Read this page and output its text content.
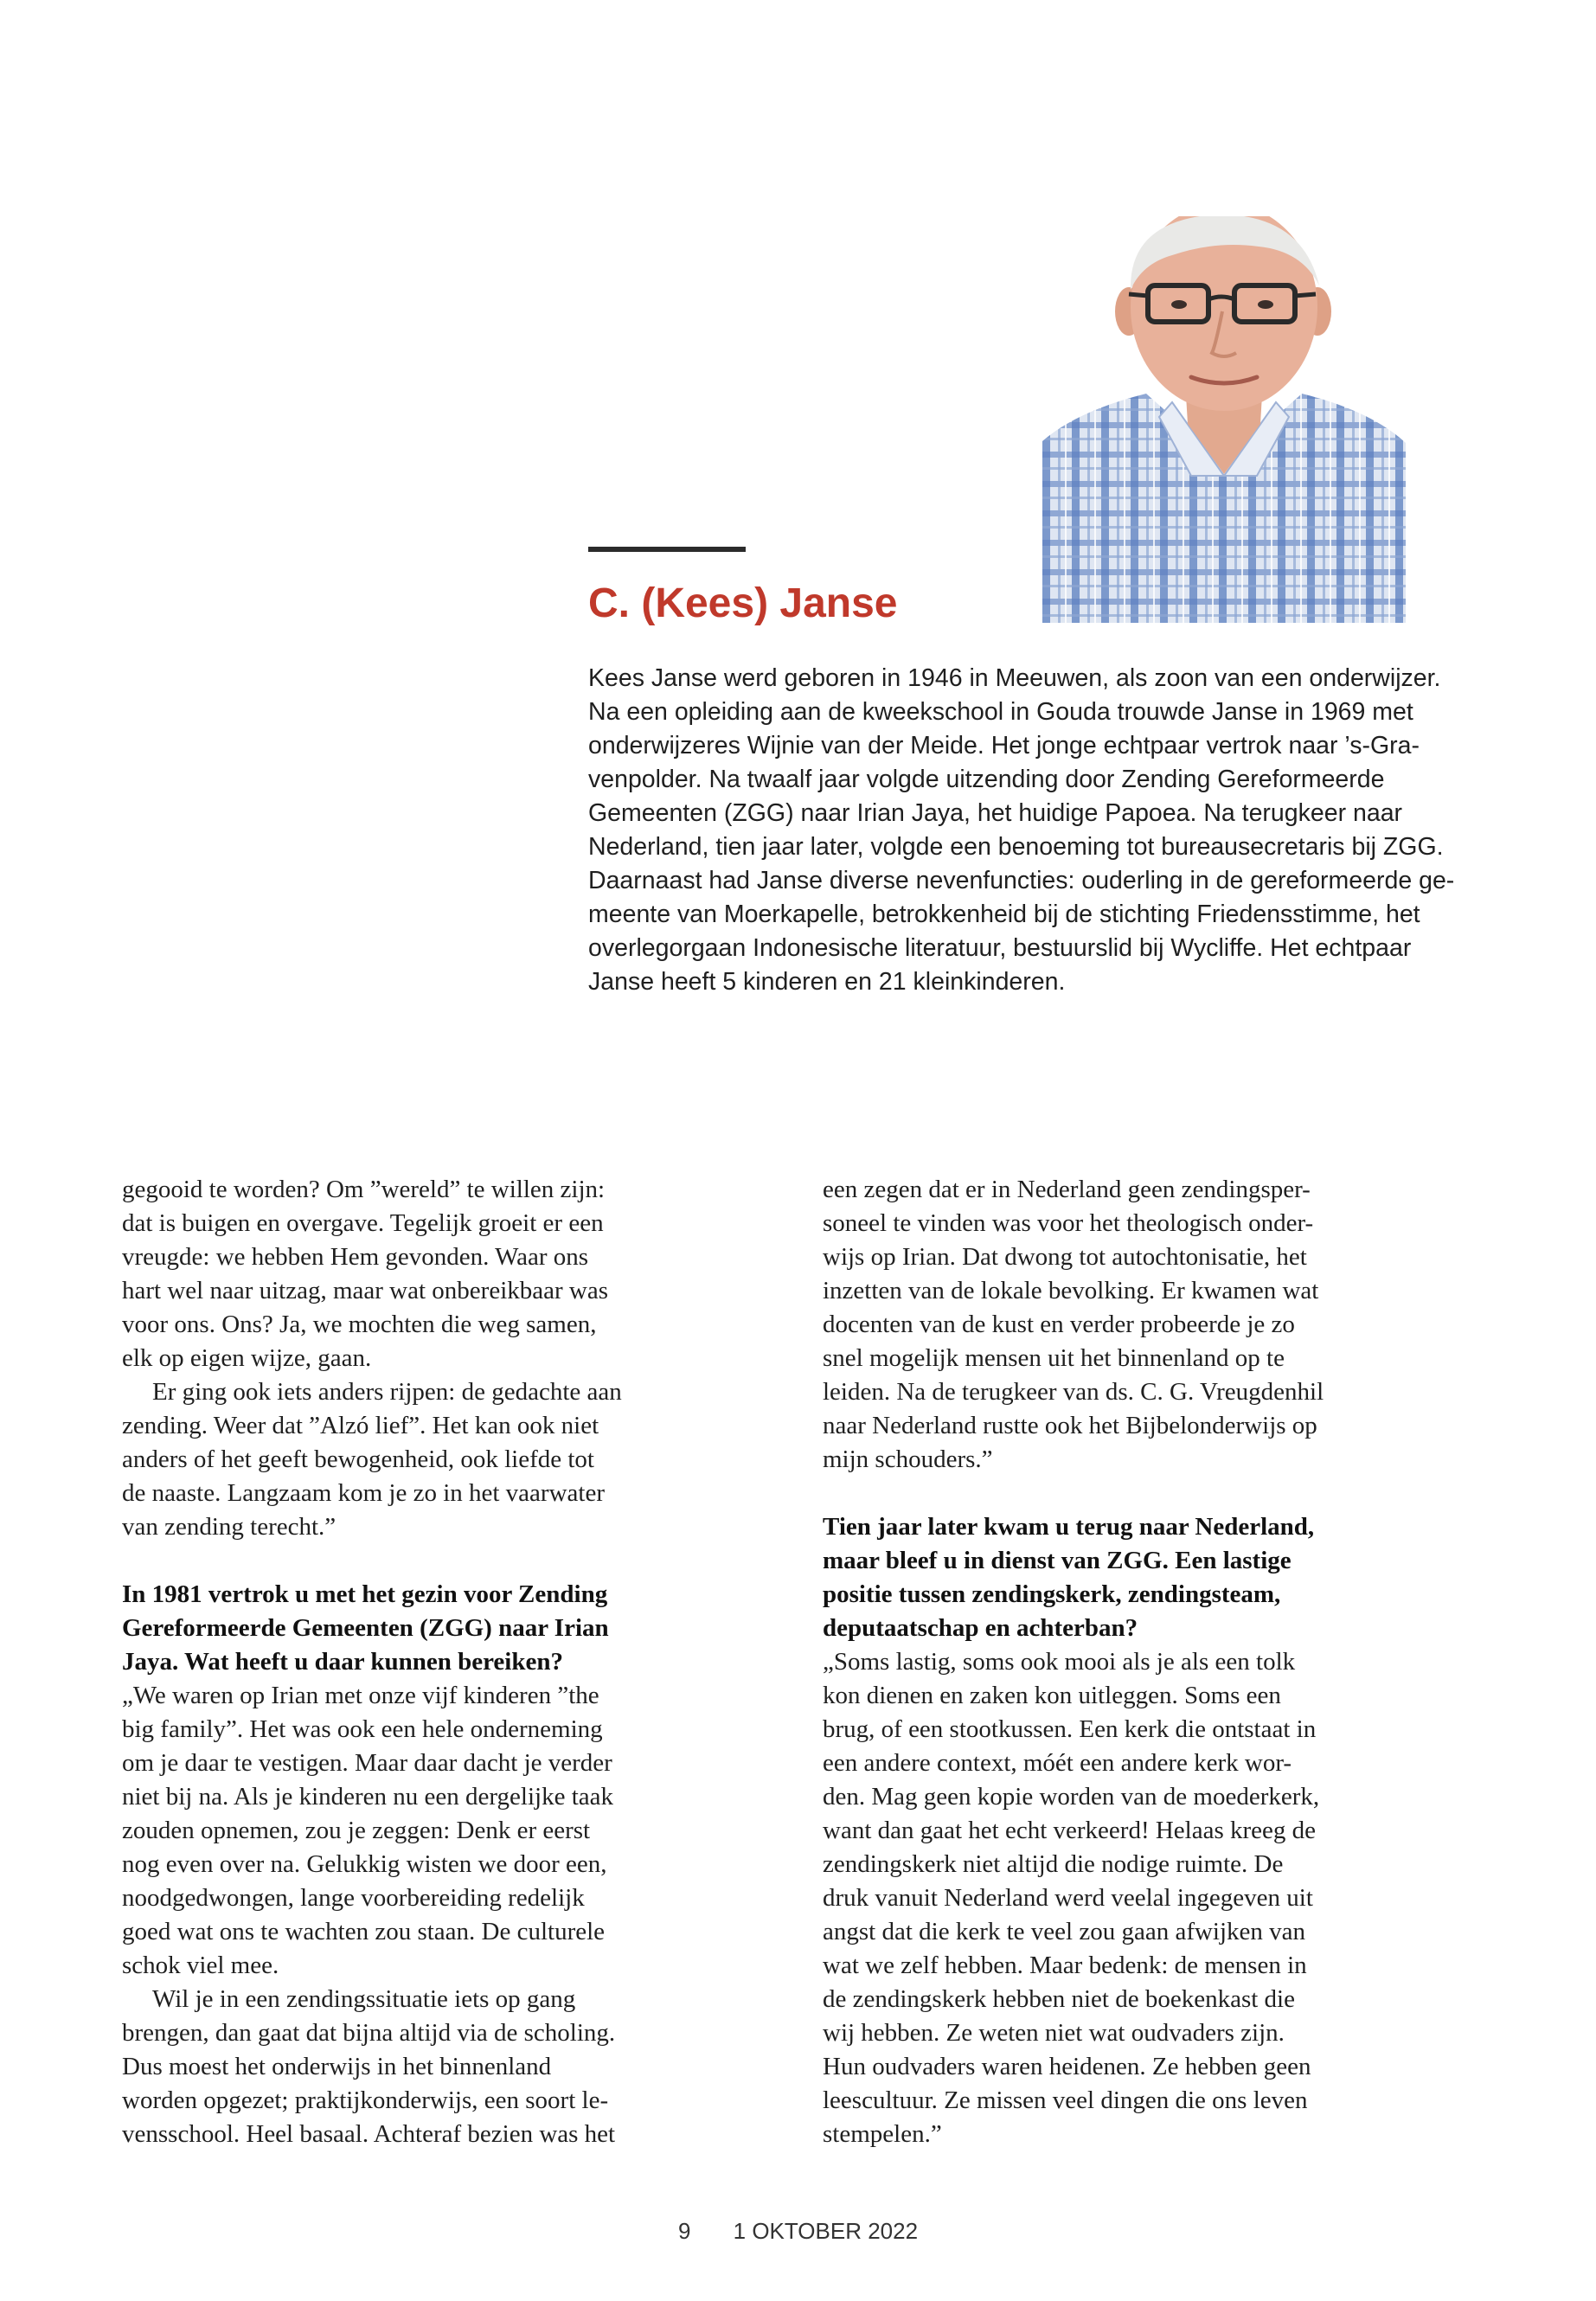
C. (Kees) Janse
Kees Janse werd geboren in 1946 in Meeuwen, als zoon van een onderwijzer.
Na een opleiding aan de kweekschool in Gouda trouwde Janse in 1969 met
onderwijzeres Wijnie van der Meide. Het jonge echtpaar vertrok naar ’s-Gra-
venpolder. Na twaalf jaar volgde uitzending door Zending Gereformeerde
Gemeenten (ZGG) naar Irian Jaya, het huidige Papoea. Na terugkeer naar
Nederland, tien jaar later, volgde een benoeming tot bureausecretaris bij ZGG.
Daarnaast had Janse diverse nevenfuncties: ouderling in de gereformeerde ge-
meente van Moerkapelle, betrokkenheid bij de stichting Friedensstimme, het
overlegorgaan Indonesische literatuur, bestuurslid bij Wycliffe. Het echtpaar
Janse heeft 5 kinderen en 21 kleinkinderen.
gegooid te worden? Om ”wereld” te willen zijn:
dat is buigen en overgave. Tegelijk groeit er een
vreugde: we hebben Hem gevonden. Waar ons
hart wel naar uitzag, maar wat onbereikbaar was
voor ons. Ons? Ja, we mochten die weg samen,
elk op eigen wijze, gaan.
Er ging ook iets anders rijpen: de gedachte aan
zending. Weer dat ”Alzó lief”. Het kan ook niet
anders of het geeft bewogenheid, ook liefde tot
de naaste. Langzaam kom je zo in het vaarwater
van zending terecht.”
In 1981 vertrok u met het gezin voor Zending
Gereformeerde Gemeenten (ZGG) naar Irian
Jaya. Wat heeft u daar kunnen bereiken?
„We waren op Irian met onze vijf kinderen ”the
big family”. Het was ook een hele onderneming
om je daar te vestigen. Maar daar dacht je verder
niet bij na. Als je kinderen nu een dergelijke taak
zouden opnemen, zou je zeggen: Denk er eerst
nog even over na. Gelukkig wisten we door een,
noodgedwongen, lange voorbereiding redelijk
goed wat ons te wachten zou staan. De culturele
schok viel mee.
Wil je in een zendingssituatie iets op gang
brengen, dan gaat dat bijna altijd via de scholing.
Dus moest het onderwijs in het binnenland
worden opgezet; praktijkonderwijs, een soort le-
vensschool. Heel basaal. Achteraf bezien was het
een zegen dat er in Nederland geen zendingsper-
soneel te vinden was voor het theologisch onder-
wijs op Irian. Dat dwong tot autochtonisatie, het
inzetten van de lokale bevolking. Er kwamen wat
docenten van de kust en verder probeerde je zo
snel mogelijk mensen uit het binnenland op te
leiden. Na de terugkeer van ds. C. G. Vreugdenhil
naar Nederland rustte ook het Bijbelonderwijs op
mijn schouders.”
Tien jaar later kwam u terug naar Nederland,
maar bleef u in dienst van ZGG. Een lastige
positie tussen zendingskerk, zendingsteam,
deputaatschap en achterban?
„Soms lastig, soms ook mooi als je als een tolk
kon dienen en zaken kon uitleggen. Soms een
brug, of een stootkussen. Een kerk die ontstaat in
een andere context, móét een andere kerk wor-
den. Mag geen kopie worden van de moederkerk,
want dan gaat het echt verkeerd! Helaas kreeg de
zendingskerk niet altijd die nodige ruimte. De
druk vanuit Nederland werd veelal ingegeven uit
angst dat die kerk te veel zou gaan afwijken van
wat we zelf hebben. Maar bedenk: de mensen in
de zendingskerk hebben niet de boekenkast die
wij hebben. Ze weten niet wat oudvaders zijn.
Hun oudvaders waren heidenen. Ze hebben geen
leescultuur. Ze missen veel dingen die ons leven
stempelen.”
9 1 OKTOBER 2022
